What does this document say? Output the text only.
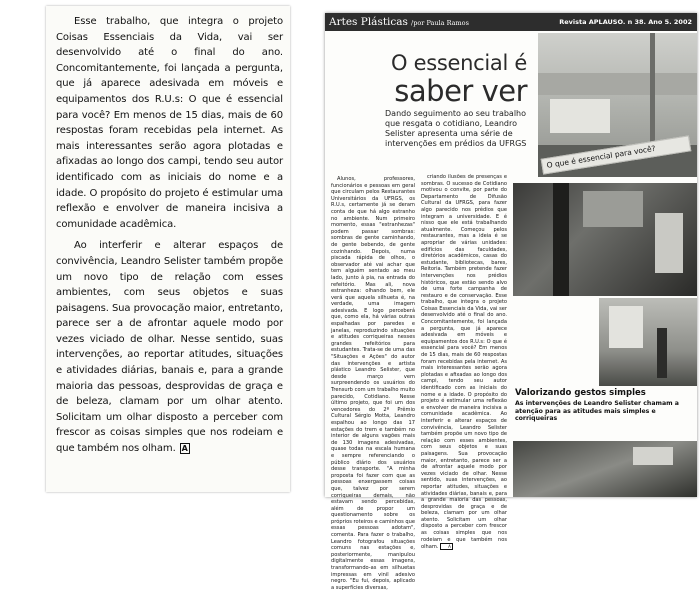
Esse trabalho, que integra o projeto Coisas Essenciais da Vida, vai ser desenvolvido até o final do ano. Concomitantemente, foi lançada a pergunta, que já aparece adesivada em móveis e equipamentos dos R.U.s: O que é essencial para você? Em menos de 15 dias, mais de 60 respostas foram recebidas pela internet. As mais interessantes serão agora plotadas e afixadas ao longo dos campi, tendo seu autor identificado com as iniciais do nome e a idade. O propósito do projeto é estimular uma reflexão e envolver de maneira incisiva a comunidade acadêmica.

Ao interferir e alterar espaços de convivência, Leandro Selister também propõe um novo tipo de relação com esses ambientes, com seus objetos e suas paisagens. Sua provocação maior, entretanto, parece ser a de afrontar aquele modo por vezes viciado de olhar. Nesse sentido, suas intervenções, ao reportar atitudes, situações e atividades diárias, banais e, para a grande maioria das pessoas, desprovidas de graça e de beleza, clamam por um olhar atento. Solicitam um olhar disposto a perceber com frescor as coisas simples que nos rodeiam e que também nos olham. A

Artes Plásticas /por Paula Ramos	Revista APLAUSO. n 38. Ano 5. 2002
O essencial é
saber ver
Dando seguimento ao seu trabalho que resgata o cotidiano, Leandro Selister apresenta uma série de intervenções em prédios da UFRGS
O que é essencial para você?

Alunos, professores, funcionários e pessoas em geral que circulam pelos Restaurantes Universitários da UFRGS, os R.U.s, certamente já se deram conta de que há algo estranho no ambiente. Num primeiro momento, essas "estranhezas" podem passar sombras: sombras de gente caminhando, de gente bebendo, de gente cozinhando. Depois, numa piscada rápida de olhos, o observador até vai achar que tem alguém sentado ao meu lado, junto à pia, na entrada do refeitório. Mas ali, nova estranheza: olhando bem, ele verá que aquela silhueta é, na verdade, uma imagem adesivada. E logo perceberá que, como ela, há várias outras espalhadas por paredes e janelas, reproduzindo situações e atitudes corriqueiras nesses grandes refeitórios para estudantes. Trata-se de uma das "Situações e Ações" do autor das intervenções e artista plástico Leandro Selister, que desde março vem surpreendendo os usuários do Trensurb com um trabalho muito parecido, Cotidiano. Nesse último projeto, que foi um dos vencedores do 2º Prêmio Cultural Sérgio Motta, Leandro espalhou ao longo das 17 estações do trem e também no interior de alguns vagões mais de 130 imagens adesivadas, quase todas na escala humana e sempre referenciando o público diário dos usuários desse transporte. "A minha proposta foi fazer com que as pessoas enxergassem coisas que, talvez por serem corriqueiras demais, não estavam sendo percebidas, além de propor um questionamento sobre os próprios roteiros e caminhos que essas pessoas adotam", comenta. Para fazer o trabalho, Leandro fotografou situações comuns nas estações e, posteriormente, manipulou digitalmente essas imagens, transformando-as em silhuetas impressas em vinil adesivo negro. "Eu fui, depois, aplicado a superfícies diversas,

criando ilusões de presenças e sombras. O sucesso de Cotidiano motivou o convite, por parte do Departamento de Difusão Cultural da UFRGS, para fazer algo parecido nos prédios que integram a universidade. E é nisso que ele está trabalhando atualmente. Começou pelos restaurantes, mas a ideia é se apropriar de várias unidades: edifícios das faculdades, diretórios acadêmicos, casas do estudante, bibliotecas, bares, Reitoria. Também pretende fazer intervenções nos prédios históricos, que estão sendo alvo de uma forte campanha de restauro e de conservação. Esse trabalho, que integra o projeto Coisas Essenciais da Vida, vai ser desenvolvido até o final do ano. Concomitantemente, foi lançada a pergunta, que já aparece adesivada em móveis e equipamentos dos R.U.s: O que é essencial para você? Em menos de 15 dias, mais de 60 respostas foram recebidas pela internet. As mais interessantes serão agora plotadas e afixadas ao longo dos campi, tendo seu autor identificado com as iniciais do nome e a idade. O propósito do projeto é estimular uma reflexão e envolver de maneira incisiva a comunidade acadêmica. Ao interferir e alterar espaços de convivência, Leandro Selister também propõe um novo tipo de relação com esses ambientes, com seus objetos e suas paisagens. Sua provocação maior, entretanto, parece ser a de afrontar aquele modo por vezes viciado de olhar. Nesse sentido, suas intervenções, ao reportar atitudes, situações e atividades diárias, banais e, para a grande maioria das pessoas, desprovidas de graça e de beleza, clamam por um olhar atento. Solicitam um olhar disposto a perceber com frescor as coisas simples que nos rodeiam e que também nos olham. A

Valorizando gestos simples
As intervenções de Leandro Selister chamam a atenção para as atitudes mais simples e corriqueiras
